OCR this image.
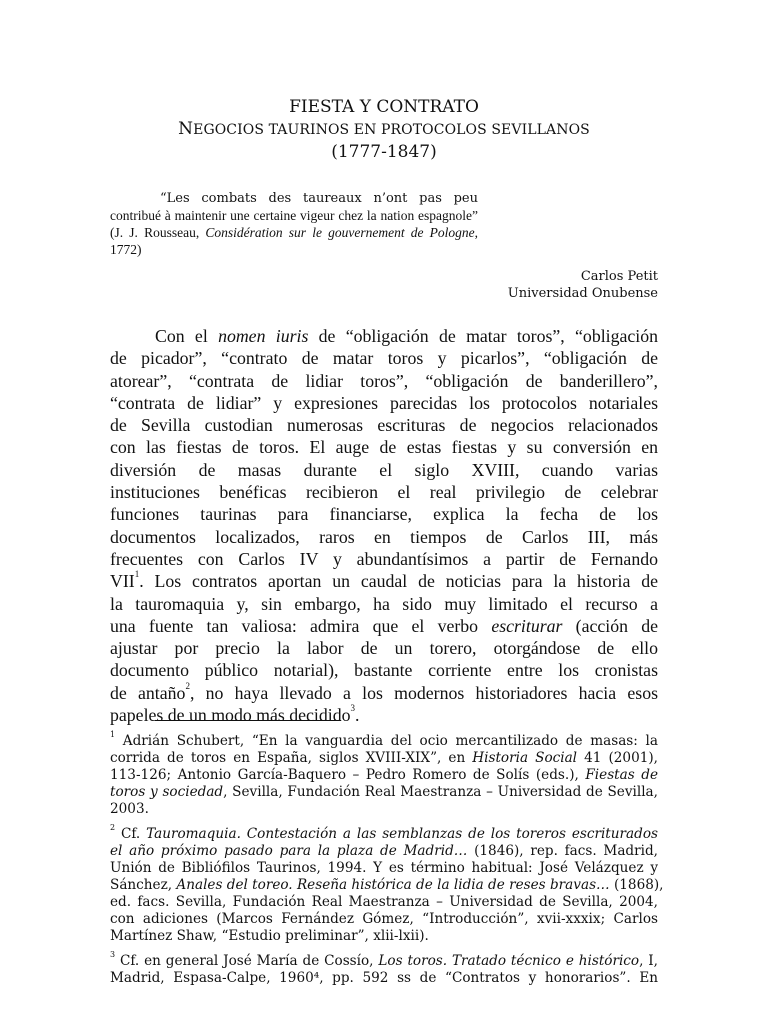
FIESTA Y CONTRATO
NEGOCIOS TAURINOS EN PROTOCOLOS SEVILLANOS
(1777-1847)
“Les combats des taureaux n’ont pas peu contribué à maintenir une certaine vigeur chez la nation espagnole” (J. J. Rousseau, Considération sur le gouvernement de Pologne, 1772)
Carlos Petit
Universidad Onubense
Con el nomen iuris de “obligación de matar toros”, “obligación
de picador”, “contrato de matar toros y picarlos”, “obligación de
atorear”, “contrata de lidiar toros”, “obligación de banderillero”,
“contrata de lidiar” y expresiones parecidas los protocolos notariales
de Sevilla custodian numerosas escrituras de negocios relacionados
con las fiestas de toros. El auge de estas fiestas y su conversión en
diversión de masas durante el siglo XVIII, cuando varias
instituciones benéficas recibieron el real privilegio de celebrar
funciones taurinas para financiarse, explica la fecha de los
documentos localizados, raros en tiempos de Carlos III, más
frecuentes con Carlos IV y abundantísimos a partir de Fernando
VII$^1$. Los contratos aportan un caudal de noticias para la historia de
la tauromaquia y, sin embargo, ha sido muy limitado el recurso a
una fuente tan valiosa: admira que el verbo escriturar (acción de
ajustar por precio la labor de un torero, otorgándose de ello
documento público notarial), bastante corriente entre los cronistas
de antaño$^2$, no haya llevado a los modernos historiadores hacia esos
papeles de un modo más decidido$^3$.
$^1$ Adrián Schubert, “En la vanguardia del ocio mercantilizado de masas: la
corrida de toros en España, siglos XVIII-XIX”, en Historia Social 41 (2001),
113-126; Antonio García-Baquero – Pedro Romero de Solís (eds.), Fiestas de
toros y sociedad, Sevilla, Fundación Real Maestranza – Universidad de Sevilla,
2003.
$^2$ Cf. Tauromaquia. Contestación a las semblanzas de los toreros escriturados
el año próximo pasado para la plaza de Madrid… (1846), rep. facs. Madrid,
Unión de Bibliófilos Taurinos, 1994. Y es término habitual: José Velázquez y
Sánchez, Anales del toreo. Reseña histórica de la lidia de reses bravas… (1868),
ed. facs. Sevilla, Fundación Real Maestranza – Universidad de Sevilla, 2004,
con adiciones (Marcos Fernández Gómez, “Introducción”, xvii-xxxix; Carlos
Martínez Shaw, “Estudio preliminar”, xlii-lxii).
$^3$ Cf. en general José María de Cossío, Los toros. Tratado técnico e histórico, I,
Madrid, Espasa-Calpe, 1960⁴, pp. 592 ss de “Contratos y honorarios”. En
